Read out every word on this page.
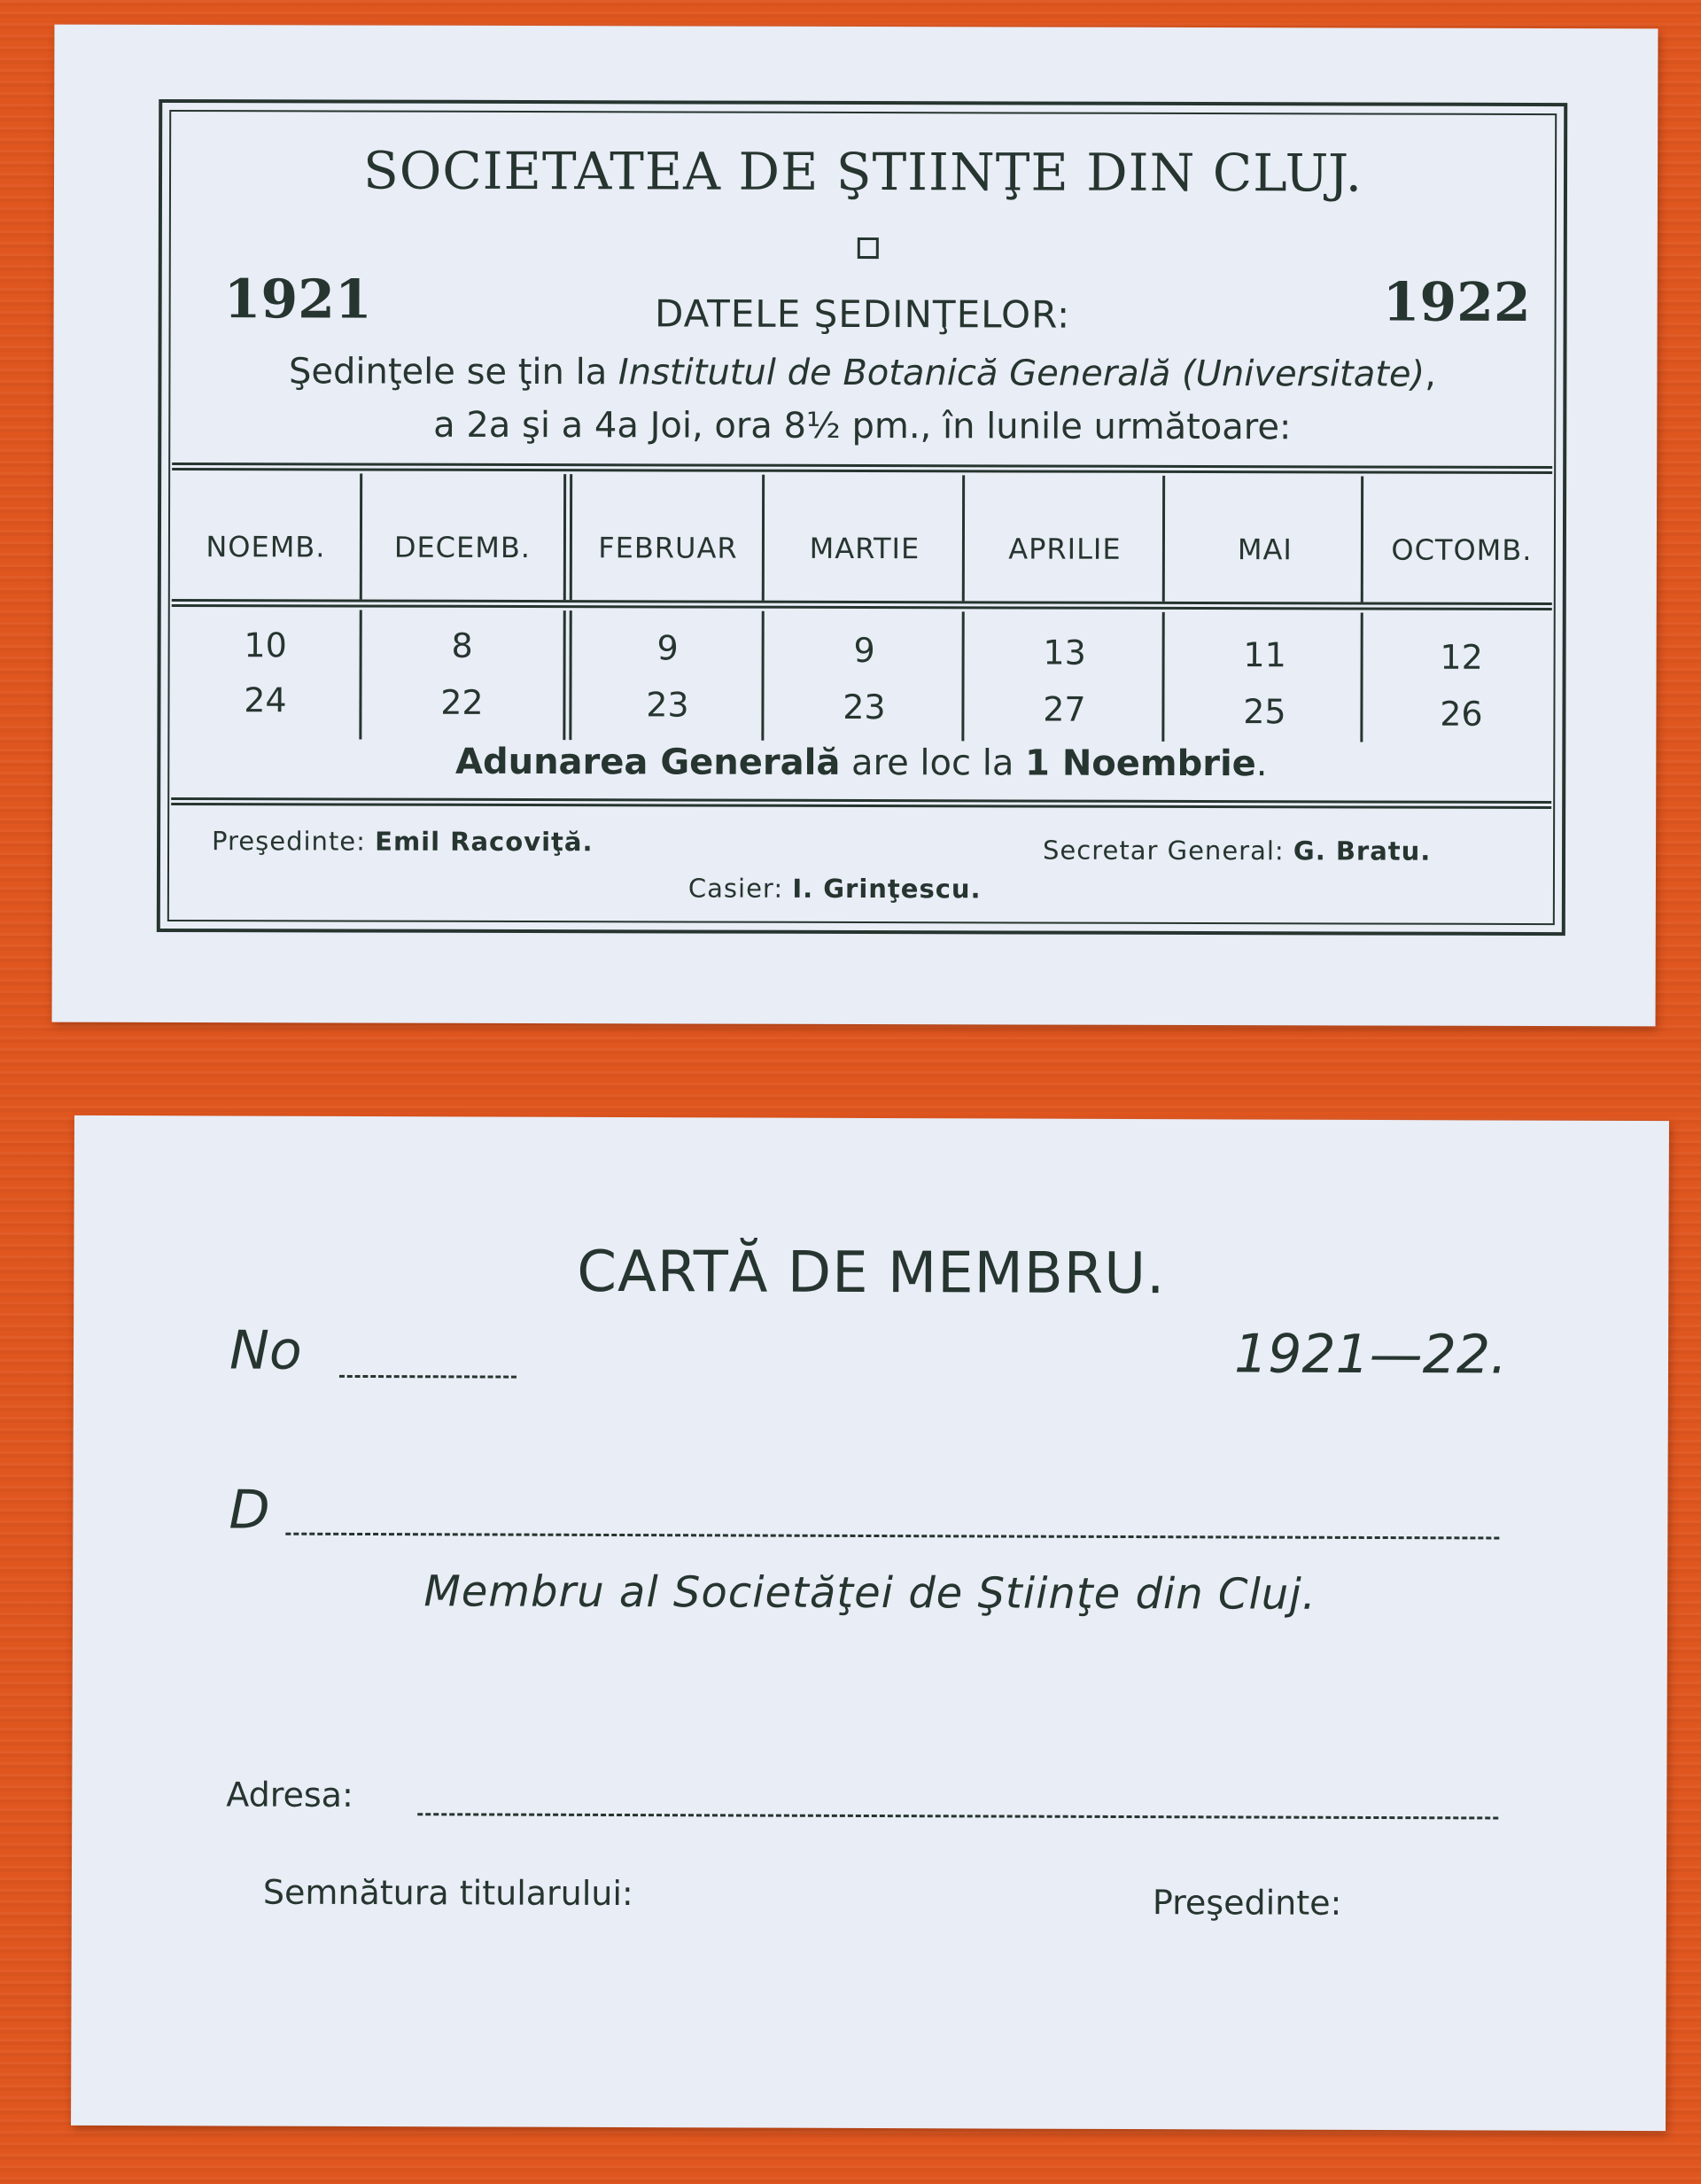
SOCIETATEA DE ŞTIINŢE DIN CLUJ.
1921	1922
DATELE ŞEDINŢELOR:
Şedinţele se ţin la Institutul de Botanică Generală (Universitate),
a 2a şi a 4a Joi, ora 8½ pm., în lunile următoare:
NOEMB.	DECEMB.	FEBRUAR	MARTIE	APRILIE	MAI	OCTOMB.
10	8	9	9	13	11	12
24	22	23	23	27	25	26
Adunarea Generală are loc la 1 Noembrie.
Preşedinte: Emil Racoviţă.	Secretar General: G. Bratu.
Casier: I. Grinţescu.
CARTĂ DE MEMBRU.
No	1921—22.
D
Membru al Societăţei de Ştiinţe din Cluj.
Adresa:
Semnătura titularului:	Preşedinte:
